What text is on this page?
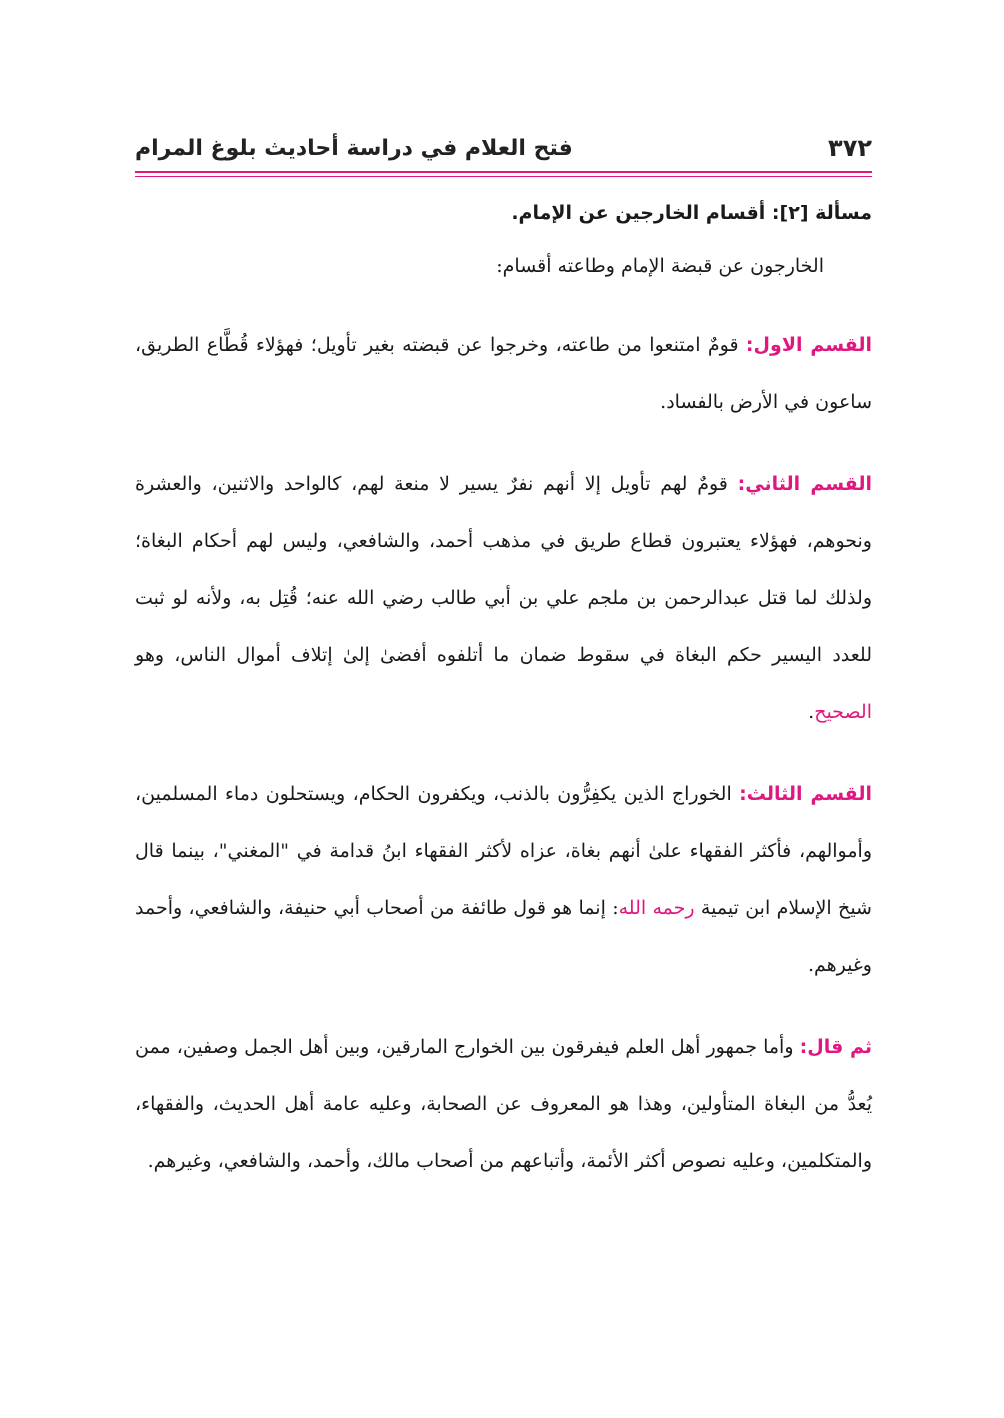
٣٧٢
فتح العلام في دراسة أحاديث بلوغ المرام
مسألة [٢]: أقسام الخارجين عن الإمام.

الخارجون عن قبضة الإمام وطاعته أقسام:

القسم الاول: قومٌ امتنعوا من طاعته، وخرجوا عن قبضته بغير تأويل؛ فهؤلاء قُطَّاع الطريق، ساعون في الأرض بالفساد.

القسم الثاني: قومٌ لهم تأويل إلا أنهم نفرٌ يسير لا منعة لهم، كالواحد والاثنين، والعشرة ونحوهم، فهؤلاء يعتبرون قطاع طريق في مذهب أحمد، والشافعي، وليس لهم أحكام البغاة؛ ولذلك لما قتل عبدالرحمن بن ملجم علي بن أبي طالب رضي الله عنه؛ قُتِل به، ولأنه لو ثبت للعدد اليسير حكم البغاة في سقوط ضمان ما أتلفوه أفضىٰ إلىٰ إتلاف أموال الناس، وهو الصحيح.

القسم الثالث: الخوراج الذين يكفِرُّون بالذنب، ويكفرون الحكام، ويستحلون دماء المسلمين، وأموالهم، فأكثر الفقهاء علىٰ أنهم بغاة، عزاه لأكثر الفقهاء ابنُ قدامة في "المغني"، بينما قال شيخ الإسلام ابن تيمية رحمه الله: إنما هو قول طائفة من أصحاب أبي حنيفة، والشافعي، وأحمد وغيرهم.

ثم قال: وأما جمهور أهل العلم فيفرقون بين الخوارج المارقين، وبين أهل الجمل وصفين، ممن يُعدُّ من البغاة المتأولين، وهذا هو المعروف عن الصحابة، وعليه عامة أهل الحديث، والفقهاء، والمتكلمين، وعليه نصوص أكثر الأئمة، وأتباعهم من أصحاب مالك، وأحمد، والشافعي، وغيرهم.
